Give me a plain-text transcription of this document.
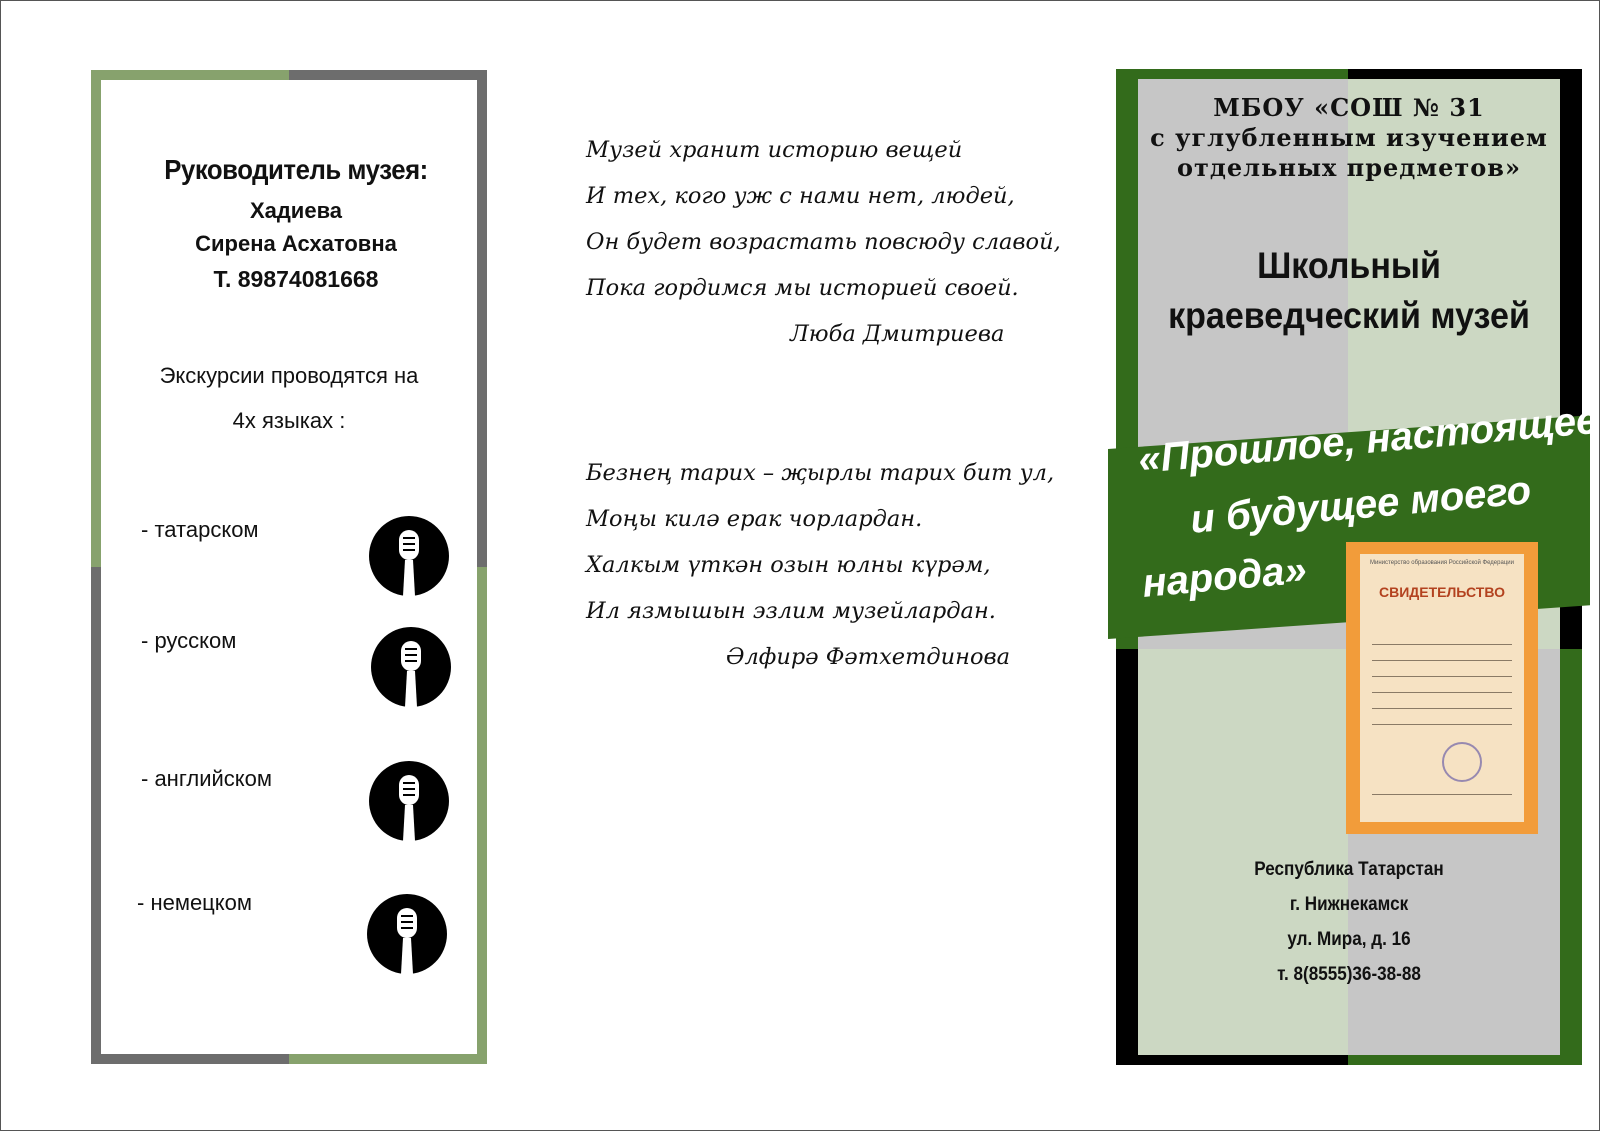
Руководитель музея:
Хадиева
Сирена Асхатовна
Т. 89874081668
Экскурсии проводятся на
4х языках :
- татарском
- русском
- английском
- немецком
Музей хранит историю вещей
И тех, кого уж с нами нет, людей,
Он будет возрастать повсюду славой,
Пока гордимся мы историей своей.
Люба Дмитриева
Безнең тарих – җырлы тарих бит ул,
Моңы килә ерак чорлардан.
Халкым үткән озын юлны күрәм,
Ил язмышын эзлим музейлардан.
Әлфирә Фәтхетдинова
МБОУ «СОШ № 31
с углубленным изучением
отдельных предметов»
Школьный
краеведческий музей
Министерство образования Российской Федерации
СВИДЕТЕЛЬСТВО
«Прошлое, настоящее
и будущее моего
народа»
Республика Татарстан
г. Нижнекамск
ул. Мира, д. 16
т. 8(8555)36-38-88
